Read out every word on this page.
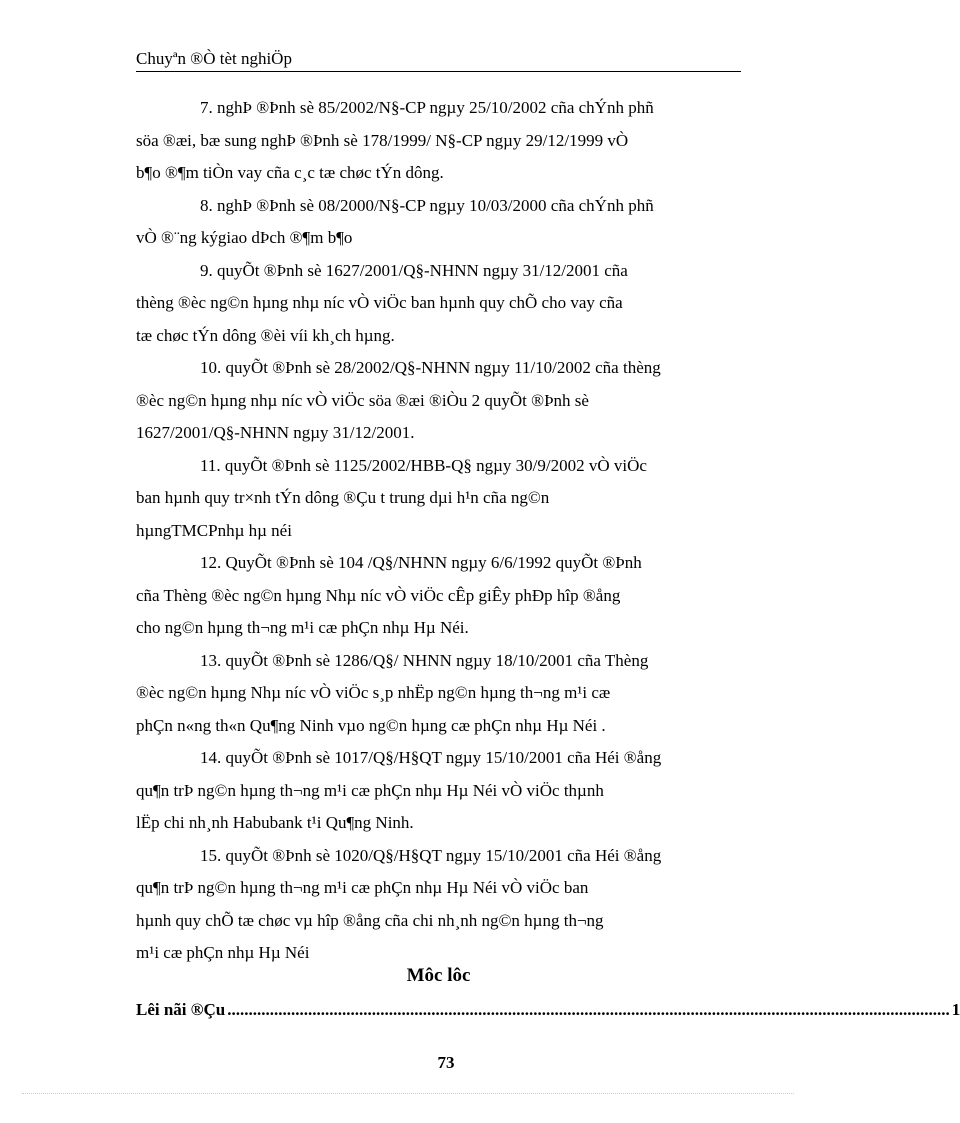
Chuyªn ®Ò tèt nghiÖp
7. nghÞ ®Þnh sè 85/2002/N§-CP ngµy 25/10/2002 cña chÝnh phñ
söa ®æi, bæ sung nghÞ ®Þnh sè 178/1999/ N§-CP ngµy 29/12/1999 vÒ
b¶o ®¶m tiÒn vay cña c¸c tæ chøc tÝn dông.
8. nghÞ ®Þnh sè 08/2000/N§-CP ngµy 10/03/2000 cña chÝnh phñ
vÒ ®¨ng kýgiao dÞch ®¶m b¶o
9. quyÕt ®Þnh sè 1627/2001/Q§-NHNN ngµy 31/12/2001 cña
thèng ®èc ng©n hµng nhµ níc vÒ viÖc ban hµnh quy chÕ cho vay cña
tæ chøc tÝn dông ®èi víi kh¸ch hµng.
10. quyÕt ®Þnh sè 28/2002/Q§-NHNN ngµy 11/10/2002 cña thèng
®èc ng©n hµng nhµ níc vÒ viÖc söa ®æi ®iÒu 2 quyÕt ®Þnh sè
1627/2001/Q§-NHNN ngµy 31/12/2001.
11. quyÕt ®Þnh sè 1125/2002/HBB-Q§ ngµy 30/9/2002 vÒ viÖc
ban hµnh quy tr×nh tÝn dông ®Çu t trung dµi h¹n cña ng©n
hµngTMCPnhµ hµ néi
12. QuyÕt ®Þnh sè 104 /Q§/NHNN ngµy 6/6/1992 quyÕt ®Þnh
cña Thèng ®èc ng©n hµng Nhµ níc vÒ viÖc cÊp giÊy phÐp hîp ®ång
cho ng©n hµng th¬ng m¹i cæ phÇn nhµ Hµ Néi.
13. quyÕt ®Þnh sè 1286/Q§/ NHNN ngµy 18/10/2001 cña Thèng
®èc ng©n hµng Nhµ níc vÒ viÖc s¸p nhËp ng©n hµng th¬ng m¹i cæ
phÇn n«ng th«n Qu¶ng Ninh vµo ng©n hµng cæ phÇn nhµ Hµ Néi .
14. quyÕt ®Þnh sè 1017/Q§/H§QT ngµy 15/10/2001 cña Héi ®ång
qu¶n trÞ ng©n hµng th¬ng m¹i cæ phÇn nhµ Hµ Néi vÒ viÖc thµnh
lËp chi nh¸nh Habubank t¹i Qu¶ng Ninh.
15. quyÕt ®Þnh sè 1020/Q§/H§QT ngµy 15/10/2001 cña Héi ®ång
qu¶n trÞ ng©n hµng th¬ng m¹i cæ phÇn nhµ Hµ Néi vÒ viÖc ban
hµnh quy chÕ tæ chøc vµ hîp ®ång cña chi nh¸nh ng©n hµng th¬ng
m¹i cæ phÇn nhµ Hµ Néi
Môc lôc
Lêi nãi ®Çu .......................................................................................................................................................................... 1
73
